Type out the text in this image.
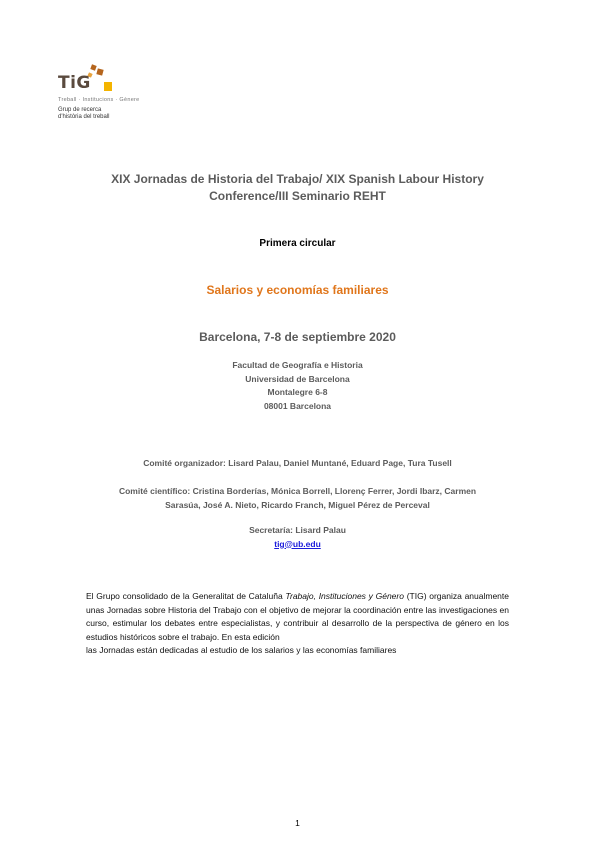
TiG
Treball · Institucions · Gènere
Grup de recerca
d'història del treball
XIX Jornadas de Historia del Trabajo/ XIX Spanish Labour History
Conference/III Seminario REHT
Primera circular
Salarios y economías familiares
Barcelona, 7-8 de septiembre 2020
Facultad de Geografía e Historia
Universidad de Barcelona
Montalegre 6-8
08001 Barcelona
Comité organizador: Lisard Palau, Daniel Muntané, Eduard Page, Tura Tusell
Comité científico: Cristina Borderías, Mónica Borrell, Llorenç Ferrer, Jordi Ibarz, Carmen
Sarasúa, José A. Nieto, Ricardo Franch, Miguel Pérez de Perceval
Secretaría: Lisard Palau
tig@ub.edu
El Grupo consolidado de la Generalitat de Cataluña Trabajo, Instituciones y Género (TIG) organiza anualmente unas Jornadas sobre Historia del Trabajo con el objetivo de mejorar la coordinación entre las investigaciones en curso, estimular los debates entre especialistas, y contribuir al desarrollo de la perspectiva de género en los estudios históricos sobre el trabajo. En esta edición
las Jornadas están dedicadas al estudio de los salarios y las economías familiares
1
